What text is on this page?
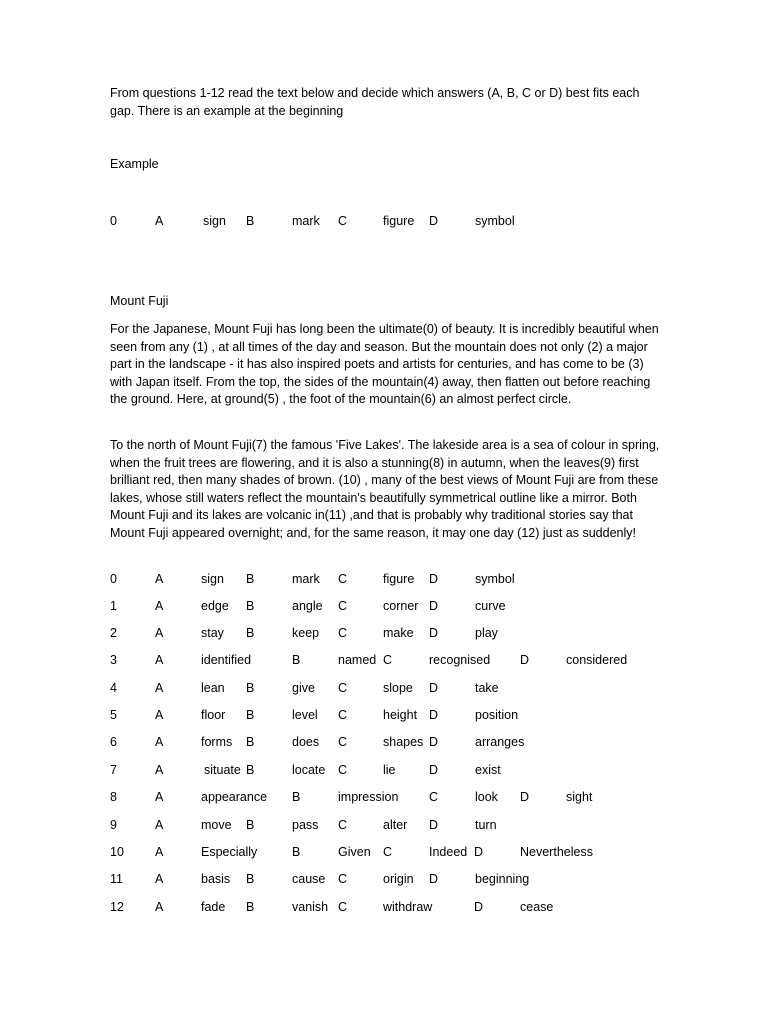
From questions 1-12 read the text below and decide which answers (A, B, C or D) best fits each gap. There is an example at the beginning
Example
0	A	sign B	mark C	figure D	symbol
Mount Fuji
For the Japanese, Mount Fuji has long been the ultimate(0) of beauty. It is incredibly beautiful when seen from any (1) , at all times of the day and season. But the mountain does not only (2) a major part in the landscape - it has also inspired poets and artists for centuries, and has come to be (3) with Japan itself. From the top, the sides of the mountain(4) away, then flatten out before reaching the ground. Here, at ground(5) , the foot of the mountain(6) an almost perfect circle.
To the north of Mount Fuji(7) the famous 'Five Lakes'. The lakeside area is a sea of colour in spring, when the fruit trees are flowering, and it is also a stunning(8) in autumn, when the leaves(9) first brilliant red, then many shades of brown. (10) , many of the best views of Mount Fuji are from these lakes, whose still waters reflect the mountain's beautifully symmetrical outline like a mirror. Both Mount Fuji and its lakes are volcanic in(11) ,and that is probably why traditional stories say that Mount Fuji appeared overnight; and, for the same reason, it may one day (12) just as suddenly!
0	A	sign B	mark C	figure D	symbol
1	A	edge B	angle C	corner D	curve
2	A	stay B	keep C	make D	play
3	A	identified	B	named C	recognised D	considered
4	A	lean B	give C	slope D	take
5	A	floor B	level C	height D	position
6	A	forms B	does C	shapes D	arranges
7	A	situate B	locate C	lie	D	exist
8	A	appearance B	impression C	look D	sight
9	A	move B	pass C	alter D	turn
10 A	Especially	B	Given C	Indeed D	Nevertheless
11	A	basis B	cause C	origin D	beginning
12 A	fade B	vanish C	withdraw	D	cease
